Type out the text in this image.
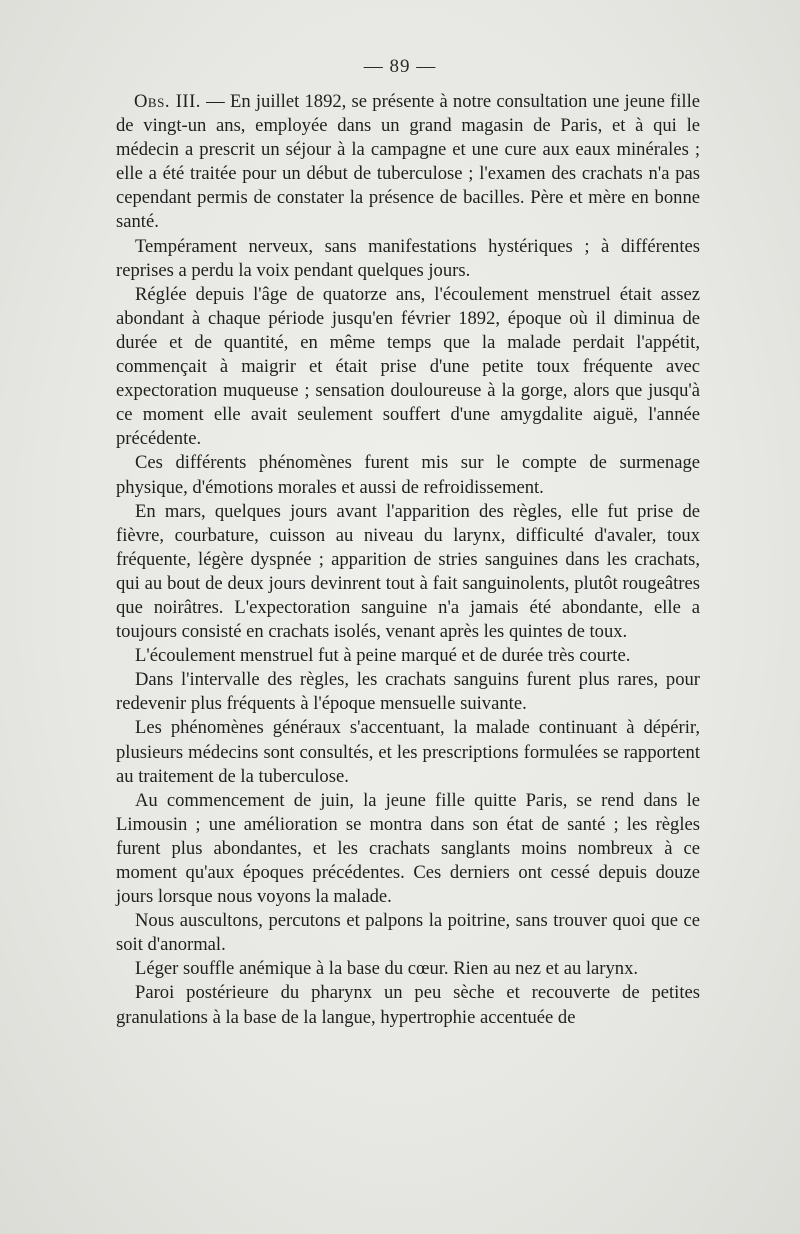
— 89 —

Obs. III. — En juillet 1892, se présente à notre consultation une jeune fille de vingt-un ans, employée dans un grand magasin de Paris, et à qui le médecin a prescrit un séjour à la campagne et une cure aux eaux minérales ; elle a été traitée pour un début de tuberculose ; l'examen des crachats n'a pas cependant permis de constater la présence de bacilles. Père et mère en bonne santé.

Tempérament nerveux, sans manifestations hystériques ; à différentes reprises a perdu la voix pendant quelques jours.

Réglée depuis l'âge de quatorze ans, l'écoulement menstruel était assez abondant à chaque période jusqu'en février 1892, époque où il diminua de durée et de quantité, en même temps que la malade perdait l'appétit, commençait à maigrir et était prise d'une petite toux fréquente avec expectoration muqueuse ; sensation douloureuse à la gorge, alors que jusqu'à ce moment elle avait seulement souffert d'une amygdalite aiguë, l'année précédente.

Ces différents phénomènes furent mis sur le compte de surmenage physique, d'émotions morales et aussi de refroidissement.

En mars, quelques jours avant l'apparition des règles, elle fut prise de fièvre, courbature, cuisson au niveau du larynx, difficulté d'avaler, toux fréquente, légère dyspnée ; apparition de stries sanguines dans les crachats, qui au bout de deux jours devinrent tout à fait sanguinolents, plutôt rougeâtres que noirâtres. L'expectoration sanguine n'a jamais été abondante, elle a toujours consisté en crachats isolés, venant après les quintes de toux.

L'écoulement menstruel fut à peine marqué et de durée très courte.

Dans l'intervalle des règles, les crachats sanguins furent plus rares, pour redevenir plus fréquents à l'époque mensuelle suivante.

Les phénomènes généraux s'accentuant, la malade continuant à dépérir, plusieurs médecins sont consultés, et les prescriptions formulées se rapportent au traitement de la tuberculose.

Au commencement de juin, la jeune fille quitte Paris, se rend dans le Limousin ; une amélioration se montra dans son état de santé ; les règles furent plus abondantes, et les crachats sanglants moins nombreux à ce moment qu'aux époques précédentes. Ces derniers ont cessé depuis douze jours lorsque nous voyons la malade.

Nous auscultons, percutons et palpons la poitrine, sans trouver quoi que ce soit d'anormal.

Léger souffle anémique à la base du cœur. Rien au nez et au larynx.

Paroi postérieure du pharynx un peu sèche et recouverte de petites granulations à la base de la langue, hypertrophie accentuée de
